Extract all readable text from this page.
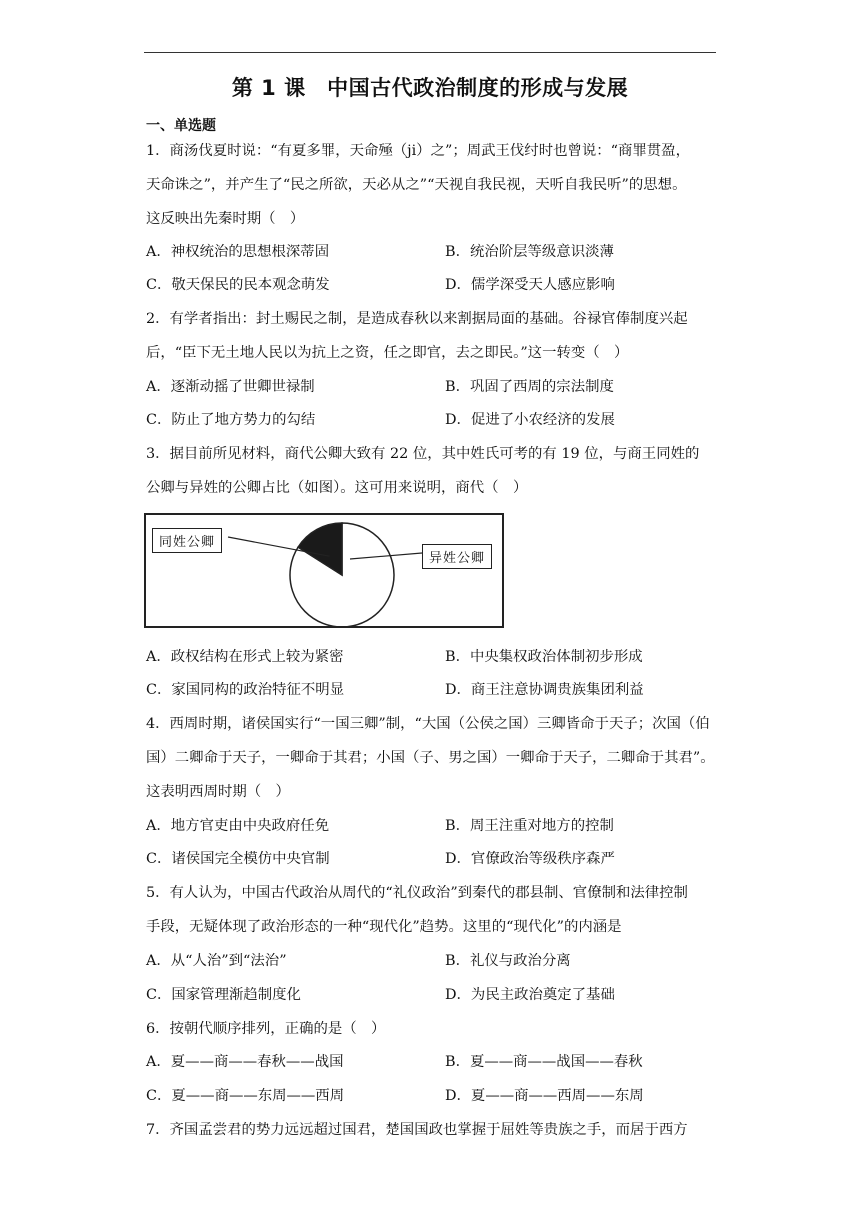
第 1 课　中国古代政治制度的形成与发展
一、单选题
1．商汤伐夏时说：“有夏多罪，天命殛（ji）之”；周武王伐纣时也曾说：“商罪贯盈，
天命诛之”，并产生了“民之所欲，天必从之”“天视自我民视，天听自我民听”的思想。
这反映出先秦时期（　）
A．神权统治的思想根深蒂固	B．统治阶层等级意识淡薄
C．敬天保民的民本观念萌发	D．儒学深受天人感应影响
2．有学者指出：封土赐民之制，是造成春秋以来割据局面的基础。谷禄官俸制度兴起
后，“臣下无土地人民以为抗上之资，任之即官，去之即民。”这一转变（　）
A．逐渐动摇了世卿世禄制	B．巩固了西周的宗法制度
C．防止了地方势力的勾结	D．促进了小农经济的发展
3．据目前所见材料，商代公卿大致有 22 位，其中姓氏可考的有 19 位，与商王同姓的
公卿与异姓的公卿占比（如图）。这可用来说明，商代（　）
同姓公卿
异姓公卿
A．政权结构在形式上较为紧密	B．中央集权政治体制初步形成
C．家国同构的政治特征不明显	D．商王注意协调贵族集团利益
4．西周时期，诸侯国实行“一国三卿”制，“大国（公侯之国）三卿皆命于天子；次国（伯
国）二卿命于天子，一卿命于其君；小国（子、男之国）一卿命于天子，二卿命于其君”。
这表明西周时期（　）
A．地方官吏由中央政府任免	B．周王注重对地方的控制
C．诸侯国完全模仿中央官制	D．官僚政治等级秩序森严
5．有人认为，中国古代政治从周代的“礼仪政治”到秦代的郡县制、官僚制和法律控制
手段，无疑体现了政治形态的一种“现代化”趋势。这里的“现代化”的内涵是
A．从“人治”到“法治”	B．礼仪与政治分离
C．国家管理渐趋制度化	D．为民主政治奠定了基础
6．按朝代顺序排列，正确的是（　）
A．夏——商——春秋——战国	B．夏——商——战国——春秋
C．夏——商——东周——西周	D．夏——商——西周——东周
7．齐国孟尝君的势力远远超过国君，楚国国政也掌握于屈姓等贵族之手，而居于西方
